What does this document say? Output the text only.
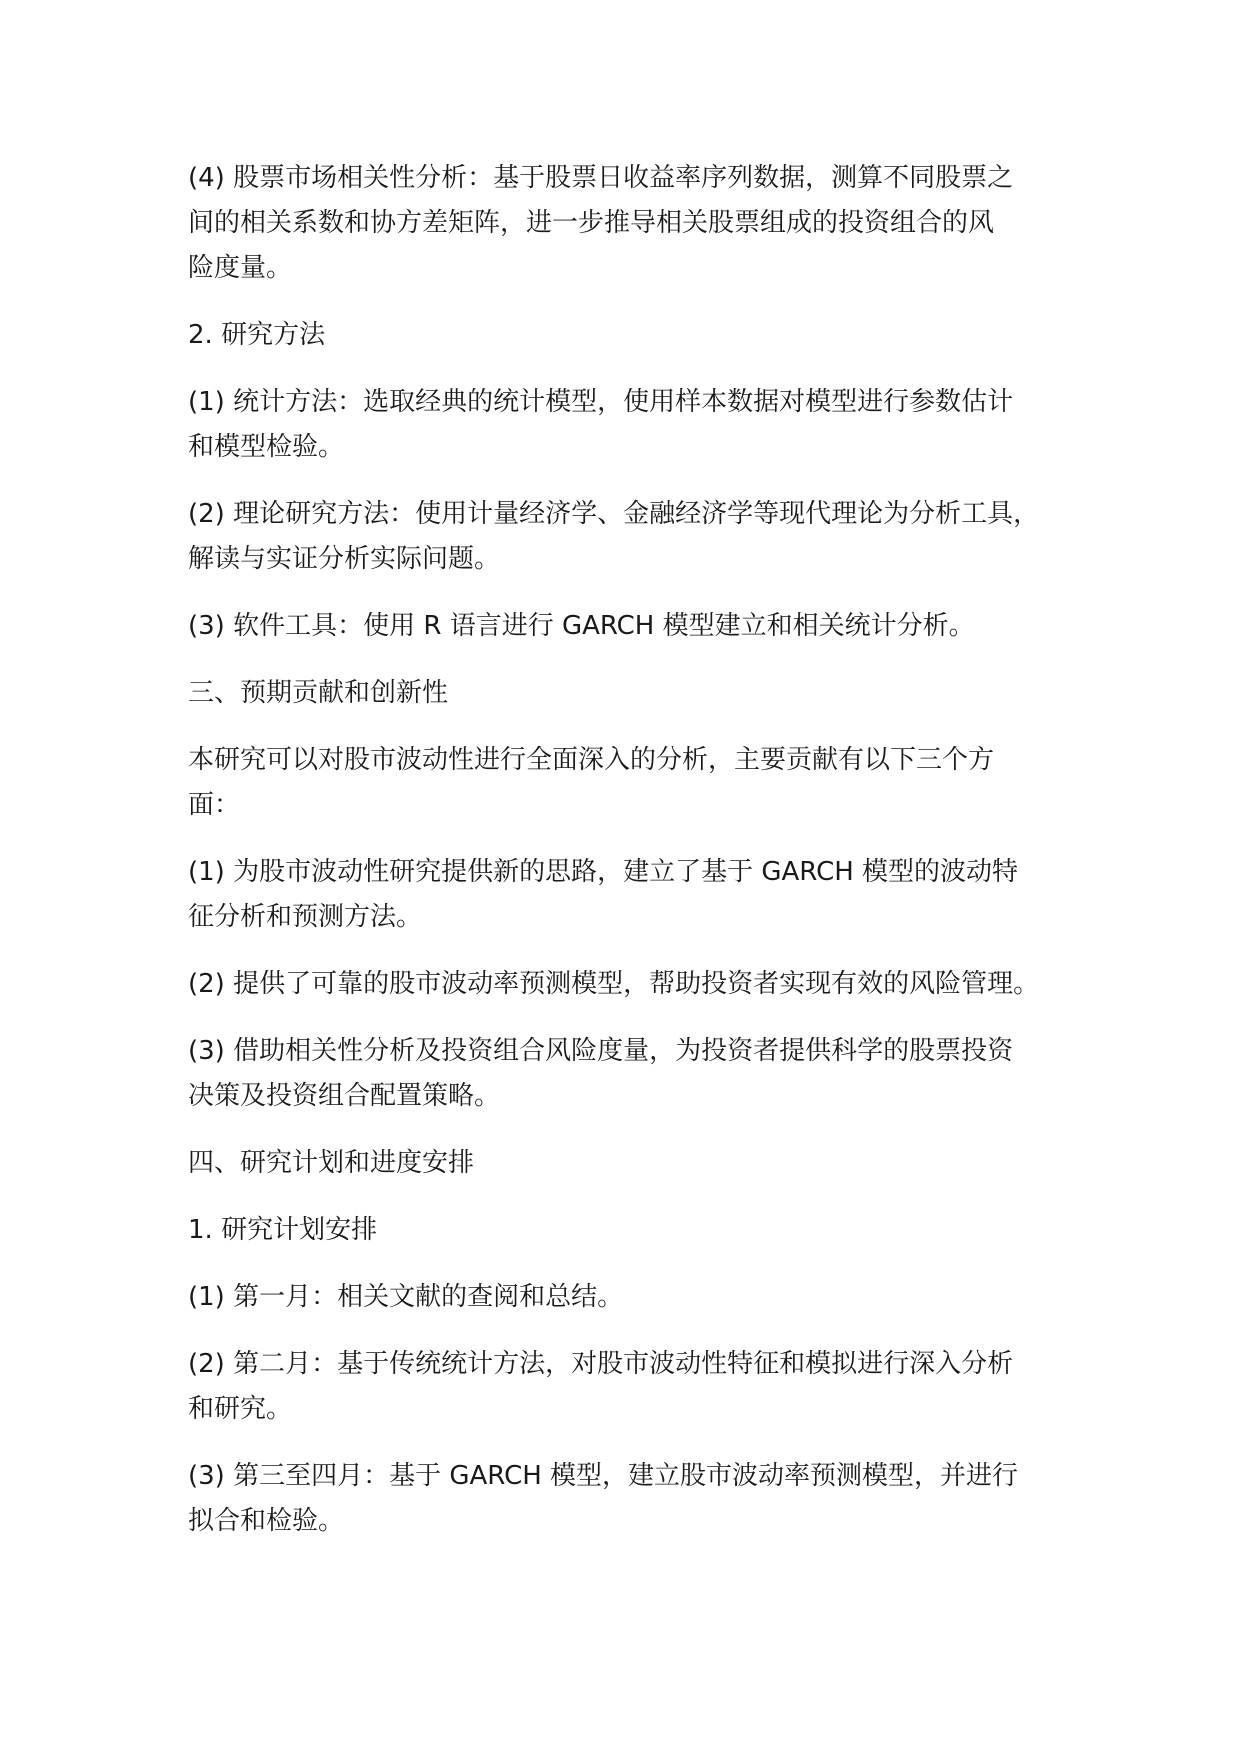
(4) 股票市场相关性分析：基于股票日收益率序列数据，测算不同股票之
间的相关系数和协方差矩阵，进一步推导相关股票组成的投资组合的风
险度量。
2. 研究方法
(1) 统计方法：选取经典的统计模型，使用样本数据对模型进行参数估计
和模型检验。
(2) 理论研究方法：使用计量经济学、金融经济学等现代理论为分析工具，
解读与实证分析实际问题。
(3) 软件工具：使用 R 语言进行 GARCH 模型建立和相关统计分析。
三、预期贡献和创新性
本研究可以对股市波动性进行全面深入的分析，主要贡献有以下三个方
面：
(1) 为股市波动性研究提供新的思路，建立了基于 GARCH 模型的波动特
征分析和预测方法。
(2) 提供了可靠的股市波动率预测模型，帮助投资者实现有效的风险管理。
(3) 借助相关性分析及投资组合风险度量，为投资者提供科学的股票投资
决策及投资组合配置策略。
四、研究计划和进度安排
1. 研究计划安排
(1) 第一月：相关文献的查阅和总结。
(2) 第二月：基于传统统计方法，对股市波动性特征和模拟进行深入分析
和研究。
(3) 第三至四月：基于 GARCH 模型，建立股市波动率预测模型，并进行
拟合和检验。
